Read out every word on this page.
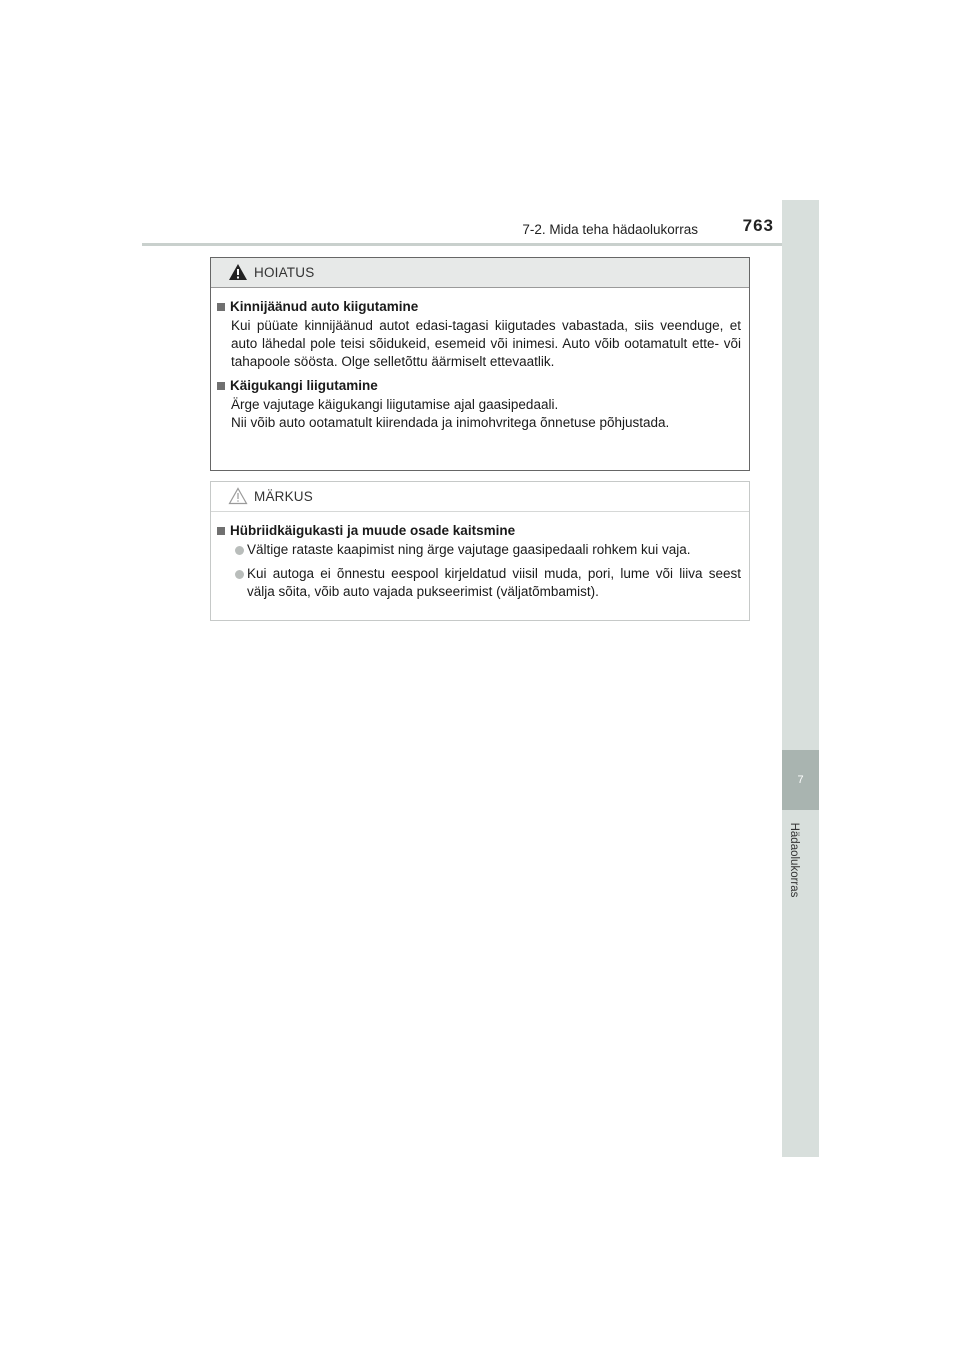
7-2. Mida teha hädaolukorras	763
7
Hädaolukorras
HOIATUS
Kinnijäänud auto kiigutamine
Kui püüate kinnijäänud autot edasi-tagasi kiigutades vabastada, siis veenduge, et auto lähedal pole teisi sõidukeid, esemeid või inimesi. Auto võib ootamatult ette- või tahapoole söösta. Olge selletõttu äärmiselt ettevaatlik.
Käigukangi liigutamine
Ärge vajutage käigukangi liigutamise ajal gaasipedaali.
Nii võib auto ootamatult kiirendada ja inimohvritega õnnetuse põhjustada.
MÄRKUS
Hübriidkäigukasti ja muude osade kaitsmine
Vältige rataste kaapimist ning ärge vajutage gaasipedaali rohkem kui vaja.
Kui autoga ei õnnestu eespool kirjeldatud viisil muda, pori, lume või liiva seest välja sõita, võib auto vajada pukseerimist (väljatõmbamist).
